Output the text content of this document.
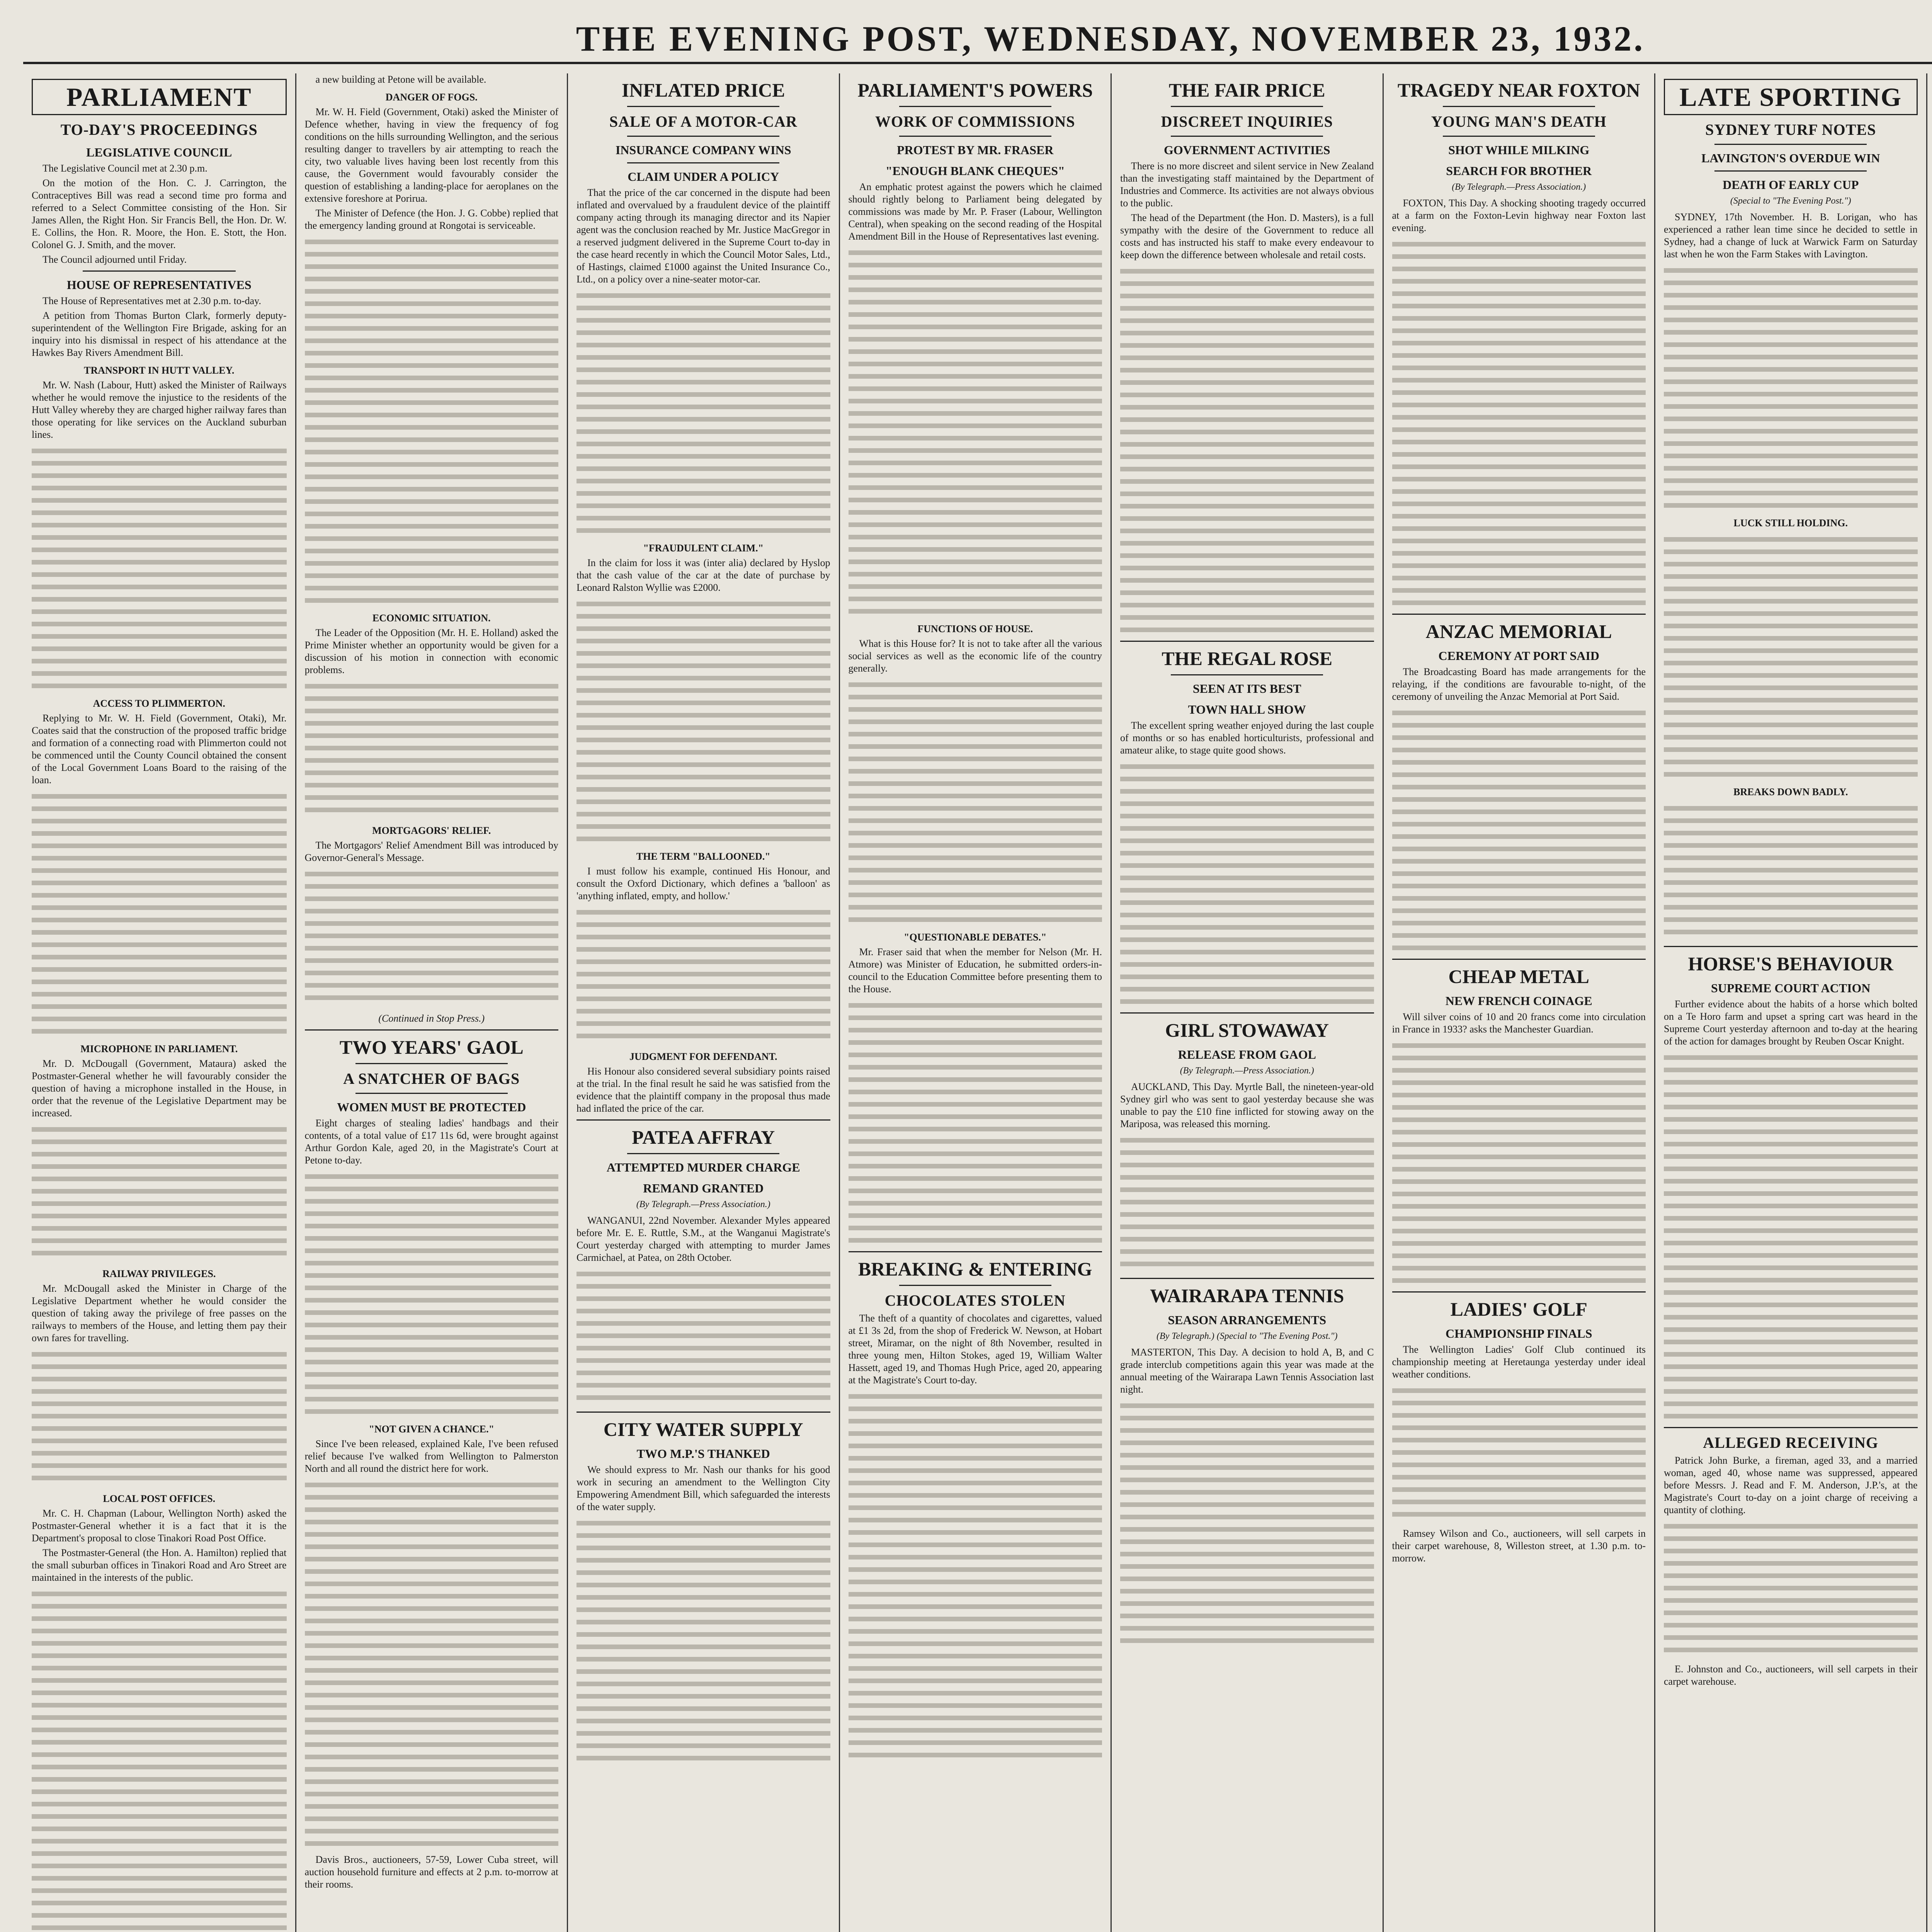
THE EVENING POST, WEDNESDAY, NOVEMBER 23, 1932.
PARLIAMENT
TO-DAY'S PROCEEDINGS
LEGISLATIVE COUNCIL

The Legislative Council met at 2.30 p.m.

On the motion of the Hon. C. J. Carrington, the Contraceptives Bill was read a second time pro forma and referred to a Select Committee consisting of the Hon. Sir James Allen, the Right Hon. Sir Francis Bell, the Hon. Dr. W. E. Collins, the Hon. R. Moore, the Hon. E. Stott, the Hon. Colonel G. J. Smith, and the mover.

The Council adjourned until Friday.

HOUSE OF REPRESENTATIVES

The House of Representatives met at 2.30 p.m. to-day.

A petition from Thomas Burton Clark, formerly deputy-superintendent of the Wellington Fire Brigade, asking for an inquiry into his dismissal in respect of his attendance at the Hawkes Bay Rivers Amendment Bill.

TRANSPORT IN HUTT VALLEY.

Mr. W. Nash (Labour, Hutt) asked the Minister of Railways whether he would remove the injustice to the residents of the Hutt Valley whereby they are charged higher railway fares than those operating for like services on the Auckland suburban lines.

ACCESS TO PLIMMERTON.

Replying to Mr. W. H. Field (Government, Otaki), Mr. Coates said that the construction of the proposed traffic bridge and formation of a connecting road with Plimmerton could not be commenced until the County Council obtained the consent of the Local Government Loans Board to the raising of the loan.

MICROPHONE IN PARLIAMENT.

Mr. D. McDougall (Government, Mataura) asked the Postmaster-General whether he will favourably consider the question of having a microphone installed in the House, in order that the revenue of the Legislative Department may be increased.

RAILWAY PRIVILEGES.

Mr. McDougall asked the Minister in Charge of the Legislative Department whether he would consider the question of taking away the privilege of free passes on the railways to members of the House, and letting them pay their own fares for travelling.

LOCAL POST OFFICES.

Mr. C. H. Chapman (Labour, Wellington North) asked the Postmaster-General whether it is a fact that it is the Department's proposal to close Tinakori Road Post Office.

The Postmaster-General (the Hon. A. Hamilton) replied that the small suburban offices in Tinakori Road and Aro Street are maintained in the interests of the public.

a new building at Petone will be available.

DANGER OF FOGS.

Mr. W. H. Field (Government, Otaki) asked the Minister of Defence whether, having in view the frequency of fog conditions on the hills surrounding Wellington, and the serious resulting danger to travellers by air attempting to reach the city, two valuable lives having been lost recently from this cause, the Government would favourably consider the question of establishing a landing-place for aeroplanes on the extensive foreshore at Porirua.

The Minister of Defence (the Hon. J. G. Cobbe) replied that the emergency landing ground at Rongotai is serviceable.

ECONOMIC SITUATION.

The Leader of the Opposition (Mr. H. E. Holland) asked the Prime Minister whether an opportunity would be given for a discussion of his motion in connection with economic problems.

MORTGAGORS' RELIEF.

The Mortgagors' Relief Amendment Bill was introduced by Governor-General's Message.

(Continued in Stop Press.)
TWO YEARS' GAOL
A SNATCHER OF BAGS
WOMEN MUST BE PROTECTED

Eight charges of stealing ladies' handbags and their contents, of a total value of £17 11s 6d, were brought against Arthur Gordon Kale, aged 20, in the Magistrate's Court at Petone to-day.

"NOT GIVEN A CHANCE."

Since I've been released, explained Kale, I've been refused relief because I've walked from Wellington to Palmerston North and all round the district here for work.

Davis Bros., auctioneers, 57-59, Lower Cuba street, will auction household furniture and effects at 2 p.m. to-morrow at their rooms.

INFLATED PRICE
SALE OF A MOTOR-CAR
INSURANCE COMPANY WINS
CLAIM UNDER A POLICY

That the price of the car concerned in the dispute had been inflated and overvalued by a fraudulent device of the plaintiff company acting through its managing director and its Napier agent was the conclusion reached by Mr. Justice MacGregor in a reserved judgment delivered in the Supreme Court to-day in the case heard recently in which the Council Motor Sales, Ltd., of Hastings, claimed £1000 against the United Insurance Co., Ltd., on a policy over a nine-seater motor-car.

"FRAUDULENT CLAIM."

In the claim for loss it was (inter alia) declared by Hyslop that the cash value of the car at the date of purchase by Leonard Ralston Wyllie was £2000.

THE TERM "BALLOONED."

I must follow his example, continued His Honour, and consult the Oxford Dictionary, which defines a 'balloon' as 'anything inflated, empty, and hollow.'

JUDGMENT FOR DEFENDANT.

His Honour also considered several subsidiary points raised at the trial. In the final result he said he was satisfied from the evidence that the plaintiff company in the proposal thus made had inflated the price of the car.

PATEA AFFRAY
ATTEMPTED MURDER CHARGE
REMAND GRANTED
(By Telegraph.—Press Association.)

WANGANUI, 22nd November. Alexander Myles appeared before Mr. E. E. Ruttle, S.M., at the Wanganui Magistrate's Court yesterday charged with attempting to murder James Carmichael, at Patea, on 28th October.

CITY WATER SUPPLY
TWO M.P.'S THANKED

We should express to Mr. Nash our thanks for his good work in securing an amendment to the Wellington City Empowering Amendment Bill, which safeguarded the interests of the water supply.

PARLIAMENT'S POWERS
WORK OF COMMISSIONS
PROTEST BY MR. FRASER
"ENOUGH BLANK CHEQUES"

An emphatic protest against the powers which he claimed should rightly belong to Parliament being delegated by commissions was made by Mr. P. Fraser (Labour, Wellington Central), when speaking on the second reading of the Hospital Amendment Bill in the House of Representatives last evening.

FUNCTIONS OF HOUSE.

What is this House for? It is not to take after all the various social services as well as the economic life of the country generally.

"QUESTIONABLE DEBATES."

Mr. Fraser said that when the member for Nelson (Mr. H. Atmore) was Minister of Education, he submitted orders-in-council to the Education Committee before presenting them to the House.

BREAKING & ENTERING
CHOCOLATES STOLEN

The theft of a quantity of chocolates and cigarettes, valued at £1 3s 2d, from the shop of Frederick W. Newson, at Hobart street, Miramar, on the night of 8th November, resulted in three young men, Hilton Stokes, aged 19, William Walter Hassett, aged 19, and Thomas Hugh Price, aged 20, appearing at the Magistrate's Court to-day.

THE FAIR PRICE
DISCREET INQUIRIES
GOVERNMENT ACTIVITIES

There is no more discreet and silent service in New Zealand than the investigating staff maintained by the Department of Industries and Commerce. Its activities are not always obvious to the public.

The head of the Department (the Hon. D. Masters), is a full sympathy with the desire of the Government to reduce all costs and has instructed his staff to make every endeavour to keep down the difference between wholesale and retail costs.

THE REGAL ROSE
SEEN AT ITS BEST
TOWN HALL SHOW

The excellent spring weather enjoyed during the last couple of months or so has enabled horticulturists, professional and amateur alike, to stage quite good shows.

GIRL STOWAWAY
RELEASE FROM GAOL
(By Telegraph.—Press Association.)

AUCKLAND, This Day. Myrtle Ball, the nineteen-year-old Sydney girl who was sent to gaol yesterday because she was unable to pay the £10 fine inflicted for stowing away on the Mariposa, was released this morning.

WAIRARAPA TENNIS
SEASON ARRANGEMENTS
(By Telegraph.) (Special to "The Evening Post.")

MASTERTON, This Day. A decision to hold A, B, and C grade interclub competitions again this year was made at the annual meeting of the Wairarapa Lawn Tennis Association last night.

TRAGEDY NEAR FOXTON
YOUNG MAN'S DEATH
SHOT WHILE MILKING
SEARCH FOR BROTHER
(By Telegraph.—Press Association.)

FOXTON, This Day. A shocking shooting tragedy occurred at a farm on the Foxton-Levin highway near Foxton last evening.

ANZAC MEMORIAL
CEREMONY AT PORT SAID

The Broadcasting Board has made arrangements for the relaying, if the conditions are favourable to-night, of the ceremony of unveiling the Anzac Memorial at Port Said.

CHEAP METAL
NEW FRENCH COINAGE

Will silver coins of 10 and 20 francs come into circulation in France in 1933? asks the Manchester Guardian.

LADIES' GOLF
CHAMPIONSHIP FINALS

The Wellington Ladies' Golf Club continued its championship meeting at Heretaunga yesterday under ideal weather conditions.

Ramsey Wilson and Co., auctioneers, will sell carpets in their carpet warehouse, 8, Willeston street, at 1.30 p.m. to-morrow.

LATE SPORTING
SYDNEY TURF NOTES
LAVINGTON'S OVERDUE WIN
DEATH OF EARLY CUP
(Special to "The Evening Post.")

SYDNEY, 17th November. H. B. Lorigan, who has experienced a rather lean time since he decided to settle in Sydney, had a change of luck at Warwick Farm on Saturday last when he won the Farm Stakes with Lavington.

LUCK STILL HOLDING.
BREAKS DOWN BADLY.
HORSE'S BEHAVIOUR
SUPREME COURT ACTION

Further evidence about the habits of a horse which bolted on a Te Horo farm and upset a spring cart was heard in the Supreme Court yesterday afternoon and to-day at the hearing of the action for damages brought by Reuben Oscar Knight.

ALLEGED RECEIVING

Patrick John Burke, a fireman, aged 33, and a married woman, aged 40, whose name was suppressed, appeared before Messrs. J. Read and F. M. Anderson, J.P.'s, at the Magistrate's Court to-day on a joint charge of receiving a quantity of clothing.

E. Johnston and Co., auctioneers, will sell carpets in their carpet warehouse.
